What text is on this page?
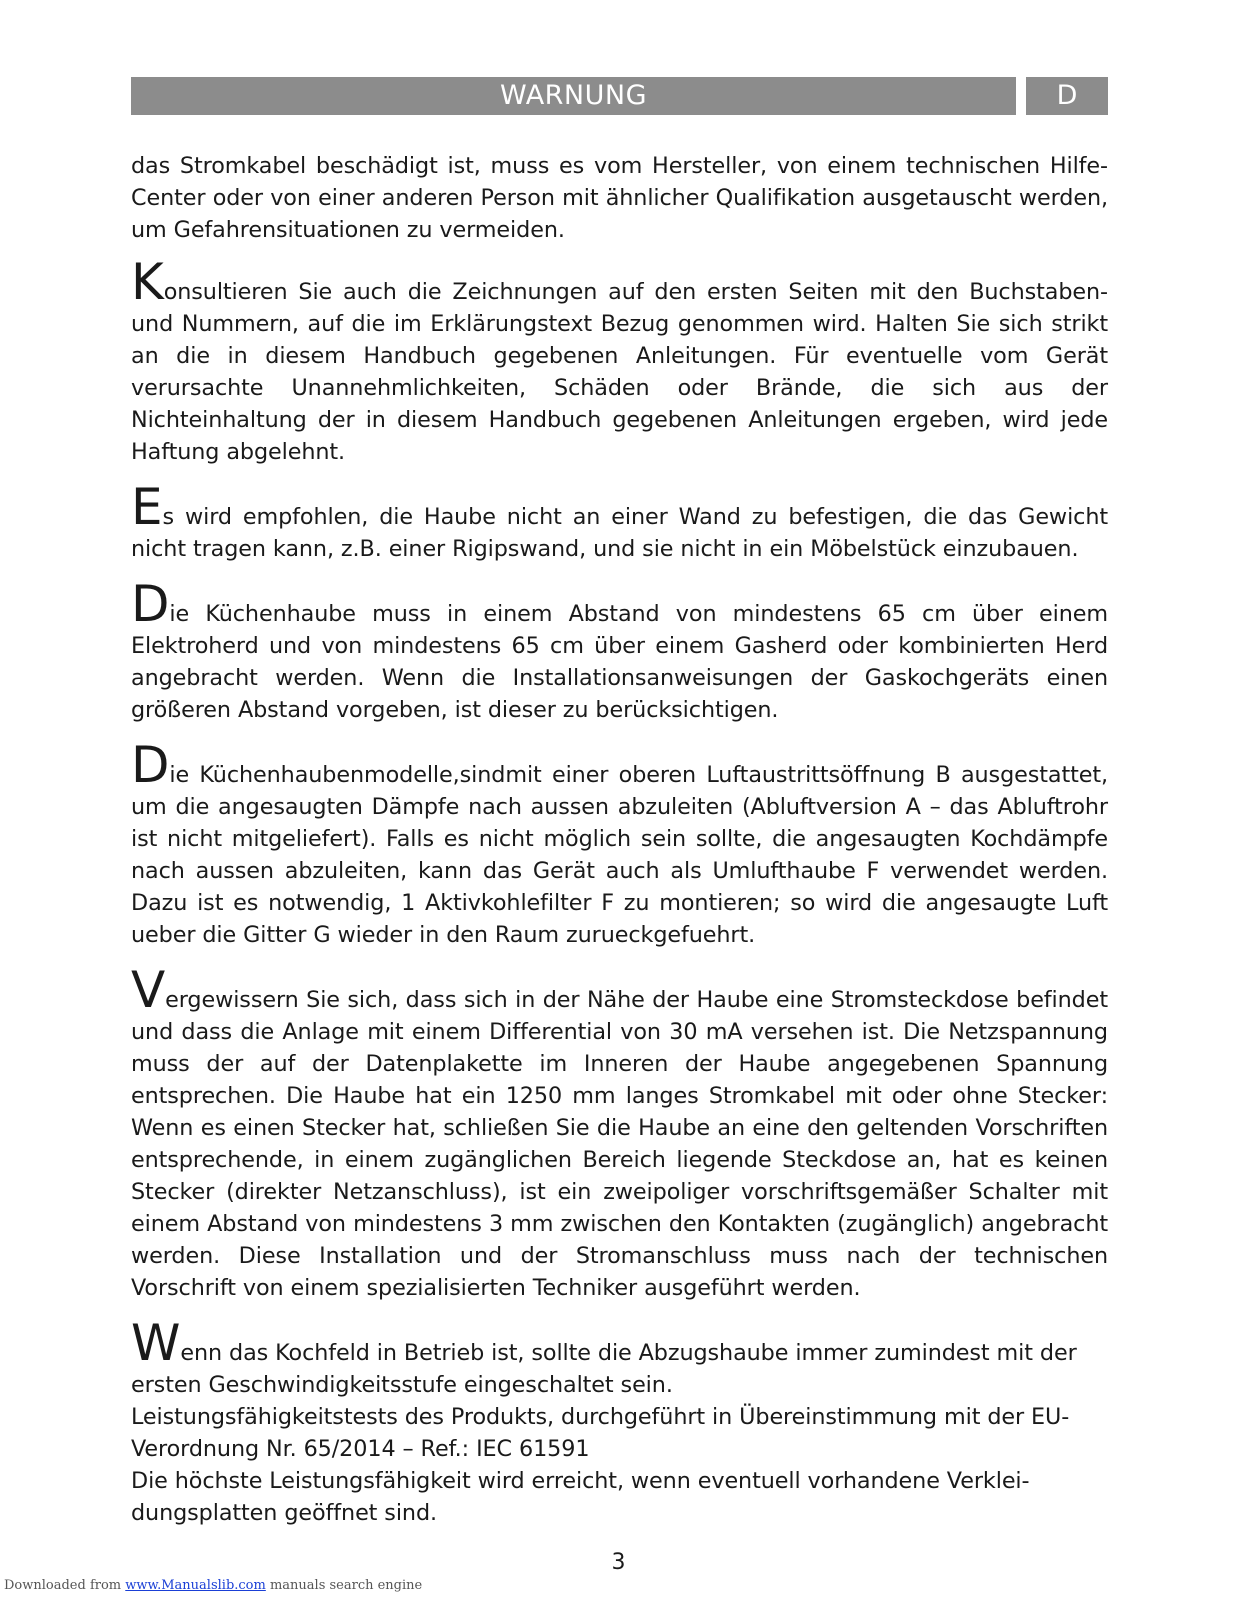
WARNUNG	D

das Stromkabel beschädigt ist, muss es vom Hersteller, von einem technischen Hilfe-Center oder von einer anderen Person mit ähnlicher Qualifikation ausgetauscht werden, um Gefahrensituationen zu vermeiden.

Konsultieren Sie auch die Zeichnungen auf den ersten Seiten mit den Buchstaben- und Nummern, auf die im Erklärungstext Bezug genommen wird. Halten Sie sich strikt an die in diesem Handbuch gegebenen Anleitungen. Für eventuelle vom Gerät verursachte Unannehmlichkeiten, Schäden oder Brände, die sich aus der Nichteinhaltung der in diesem Handbuch gegebenen Anleitungen ergeben, wird jede Haftung abgelehnt.

Es wird empfohlen, die Haube nicht an einer Wand zu befestigen, die das Gewicht nicht tragen kann, z.B. einer Rigipswand, und sie nicht in ein Möbelstück einzubauen.

Die Küchenhaube muss in einem Abstand von mindestens 65 cm über einem Elektroherd und von mindestens 65 cm über einem Gasherd oder kombinierten Herd angebracht werden. Wenn die Installationsanweisungen der Gaskochgeräts einen größeren Abstand vorgeben, ist dieser zu berücksichtigen.

Die Küchenhaubenmodelle,sindmit einer oberen Luftaustrittsöffnung B ausgestattet, um die angesaugten Dämpfe nach aussen abzuleiten (Abluftversion A – das Abluftrohr ist nicht mitgeliefert). Falls es nicht möglich sein sollte, die angesaugten Kochdämpfe nach aussen abzuleiten, kann das Gerät auch als Umlufthaube F verwendet werden. Dazu ist es notwendig, 1 Aktivkohlefilter F zu montieren; so wird die angesaugte Luft ueber die Gitter G wieder in den Raum zurueckgefuehrt.

Vergewissern Sie sich, dass sich in der Nähe der Haube eine Stromsteckdose befindet und dass die Anlage mit einem Differential von 30 mA versehen ist. Die Netzspannung muss der auf der Datenplakette im Inneren der Haube angegebenen Spannung entsprechen. Die Haube hat ein 1250 mm langes Stromkabel mit oder ohne Stecker: Wenn es einen Stecker hat, schließen Sie die Haube an eine den geltenden Vorschriften entsprechende, in einem zugänglichen Bereich liegende Steckdose an, hat es keinen Stecker (direkter Netzanschluss), ist ein zweipoliger vorschriftsgemäßer Schalter mit einem Abstand von mindestens 3 mm zwischen den Kontakten (zugänglich) angebracht werden. Diese Installation und der Stromanschluss muss nach der technischen Vorschrift von einem spezialisierten Techniker ausgeführt werden.

Wenn das Kochfeld in Betrieb ist, sollte die Abzugshaube immer zumindest mit der ersten Geschwindigkeitsstufe eingeschaltet sein.
Leistungsfähigkeitstests des Produkts, durchgeführt in Übereinstimmung mit der EU-Verordnung Nr. 65/2014 – Ref.: IEC 61591
Die höchste Leistungsfähigkeit wird erreicht, wenn eventuell vorhandene Verklei-dungsplatten geöffnet sind.

3
Downloaded from www.Manualslib.com manuals search engine
